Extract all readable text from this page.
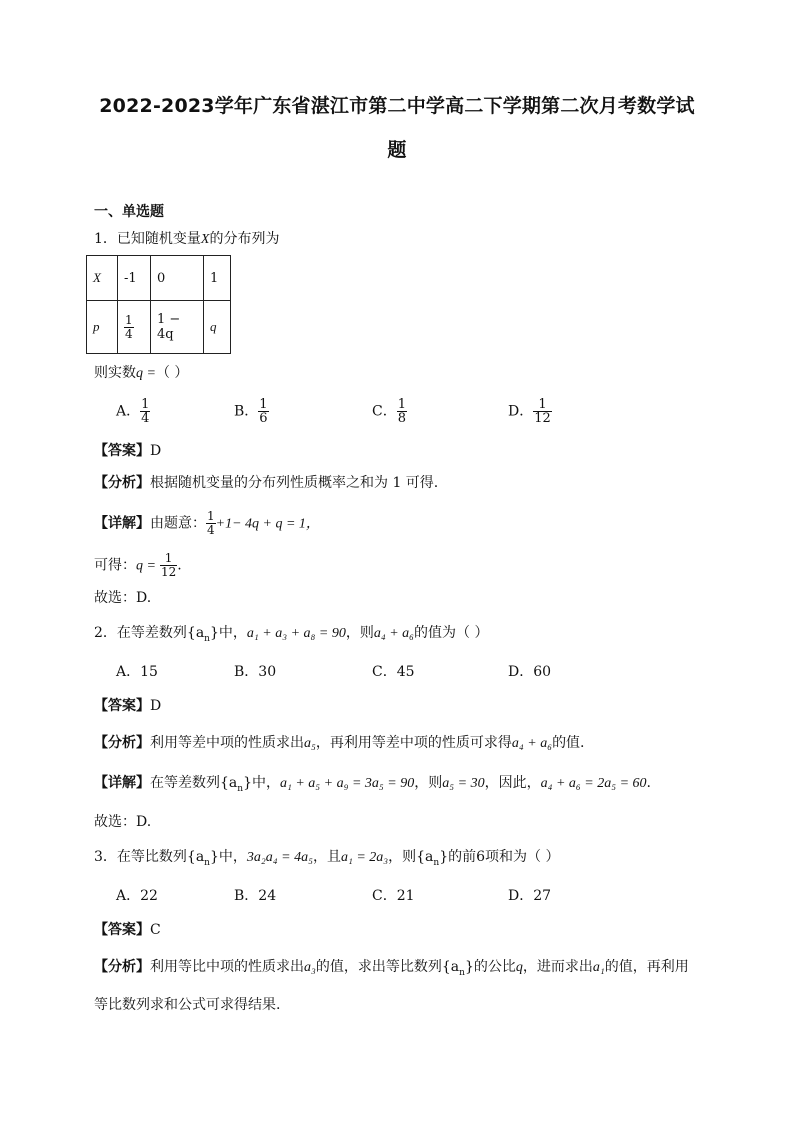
2022-2023学年广东省湛江市第二中学高二下学期第二次月考数学试
题
一、单选题
1．已知随机变量X的分布列为
X	-1	0	1
p	$\frac{1}{4}$	1 − 4q	q
则实数q =（ ）
A． $\frac{1}{4}$	B． $\frac{1}{6}$	C． $\frac{1}{8}$	D． $\frac{1}{12}$
【答案】D
【分析】根据随机变量的分布列性质概率之和为 1 可得.
【详解】由题意： $\frac{1}{4} +1- 4q + q = 1$，
可得：$q = \frac{1}{12}$ .
故选：D.
2．在等差数列$\{a_n\}$中，a₁ + a₃ + a₈ = 90，则a₄ + a₆的值为（ ）
A．15	B．30	C．45	D．60
【答案】D
【分析】利用等差中项的性质求出a₅，再利用等差中项的性质可求得a₄ + a₆的值.
【详解】在等差数列$\{a_n\}$中，a₁ + a₅ + a₉ = 3a₅ = 90，则a₅ = 30，因此，a₄ + a₆ = 2a₅ = 60.
故选：D.
3．在等比数列$\{a_n\}$中，3a₂a₄ = 4a₅，且a₁ = 2a₃，则$\{a_n\}$的前6项和为（ ）
A．22	B．24	C．21	D．27
【答案】C
【分析】利用等比中项的性质求出a₃的值，求出等比数列$\{a_n\}$的公比q，进而求出a₁的值，再利用
等比数列求和公式可求得结果.
